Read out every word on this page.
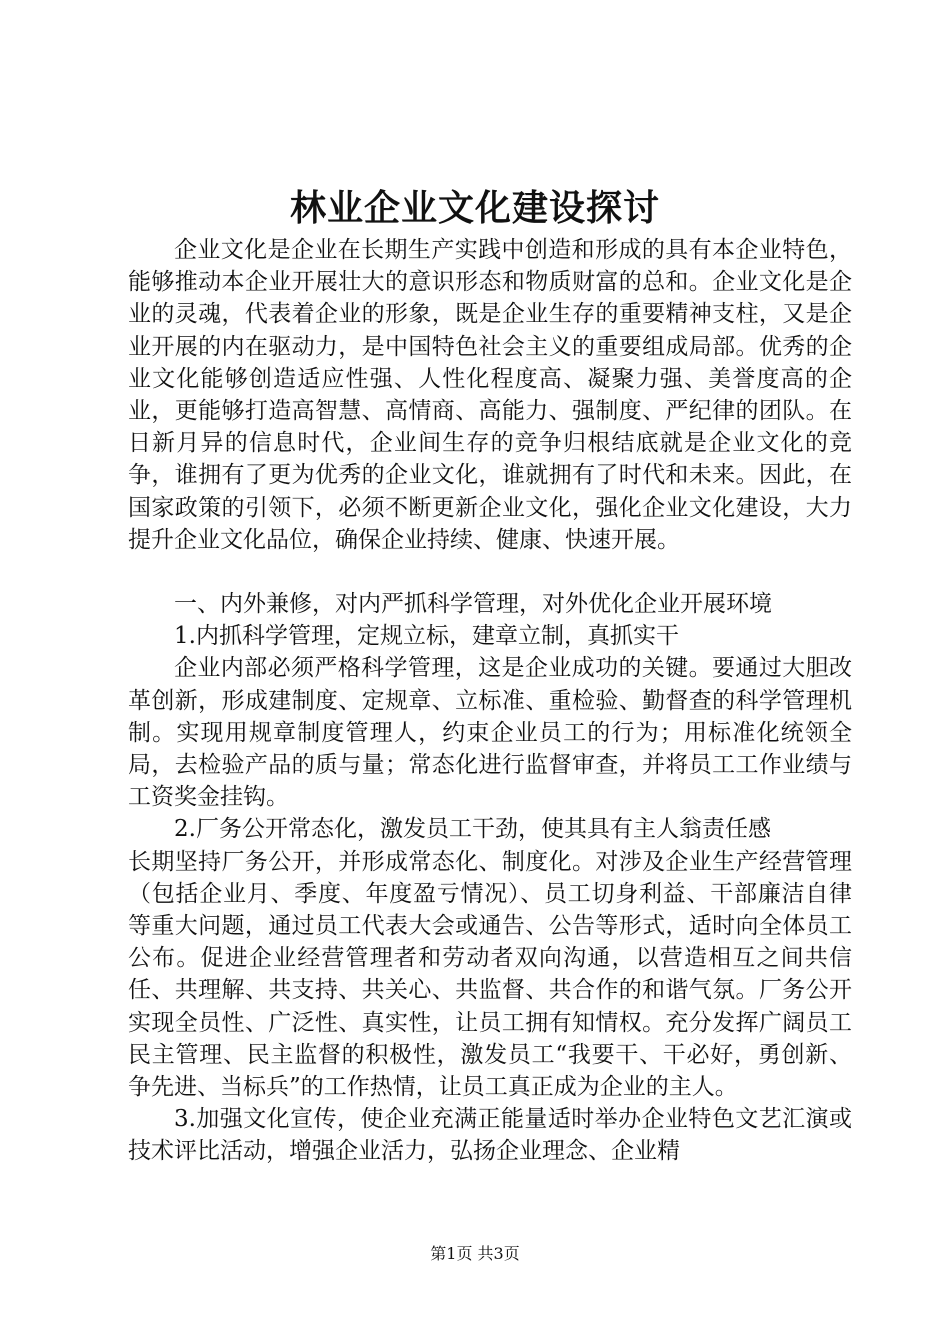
林业企业文化建设探讨

企业文化是企业在长期生产实践中创造和形成的具有本企业特色，能够推动本企业开展壮大的意识形态和物质财富的总和。企业文化是企业的灵魂，代表着企业的形象，既是企业生存的重要精神支柱，又是企业开展的内在驱动力，是中国特色社会主义的重要组成局部。优秀的企业文化能够创造适应性强、人性化程度高、凝聚力强、美誉度高的企业，更能够打造高智慧、高情商、高能力、强制度、严纪律的团队。在日新月异的信息时代，企业间生存的竞争归根结底就是企业文化的竞争，谁拥有了更为优秀的企业文化，谁就拥有了时代和未来。因此，在国家政策的引领下，必须不断更新企业文化，强化企业文化建设，大力提升企业文化品位，确保企业持续、健康、快速开展。

一、内外兼修，对内严抓科学管理，对外优化企业开展环境

1.内抓科学管理，定规立标，建章立制，真抓实干

企业内部必须严格科学管理，这是企业成功的关键。要通过大胆改革创新，形成建制度、定规章、立标准、重检验、勤督查的科学管理机制。实现用规章制度管理人，约束企业员工的行为；用标准化统领全局，去检验产品的质与量；常态化进行监督审查，并将员工工作业绩与工资奖金挂钩。

2.厂务公开常态化，激发员工干劲，使其具有主人翁责任感

长期坚持厂务公开，并形成常态化、制度化。对涉及企业生产经营管理（包括企业月、季度、年度盈亏情况）、员工切身利益、干部廉洁自律等重大问题，通过员工代表大会或通告、公告等形式，适时向全体员工公布。促进企业经营管理者和劳动者双向沟通，以营造相互之间共信任、共理解、共支持、共关心、共监督、共合作的和谐气氛。厂务公开实现全员性、广泛性、真实性，让员工拥有知情权。充分发挥广阔员工民主管理、民主监督的积极性，激发员工“我要干、干必好，勇创新、争先进、当标兵”的工作热情，让员工真正成为企业的主人。

3.加强文化宣传，使企业充满正能量适时举办企业特色文艺汇演或技术评比活动，增强企业活力，弘扬企业理念、企业精

第1页 共3页
